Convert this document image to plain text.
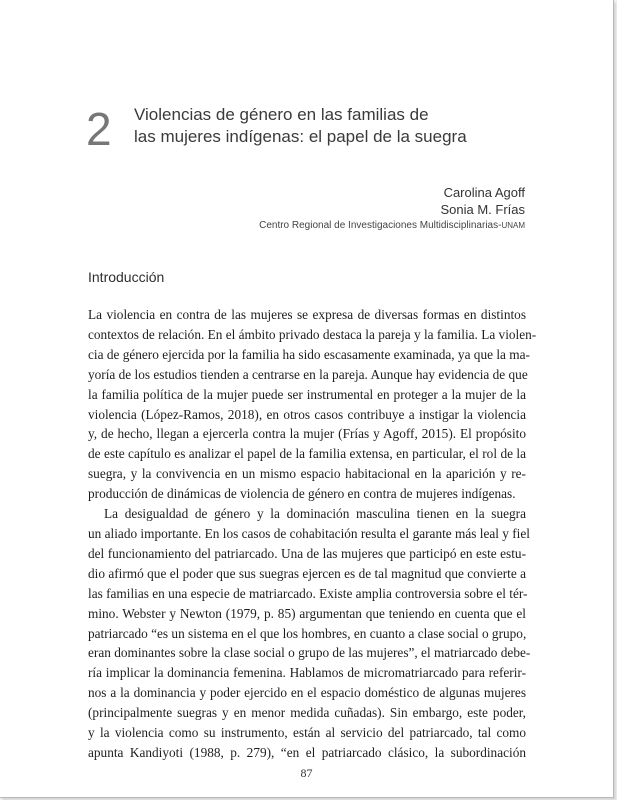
2 Violencias de género en las familias de
las mujeres indígenas: el papel de la suegra
Carolina Agoff
Sonia M. Frías
Centro Regional de Investigaciones Multidisciplinarias-UNAM
Introducción
La violencia en contra de las mujeres se expresa de diversas formas en distintos
contextos de relación. En el ámbito privado destaca la pareja y la familia. La violen-
cia de género ejercida por la familia ha sido escasamente examinada, ya que la ma-
yoría de los estudios tienden a centrarse en la pareja. Aunque hay evidencia de que
la familia política de la mujer puede ser instrumental en proteger a la mujer de la
violencia (López-Ramos, 2018), en otros casos contribuye a instigar la violencia
y, de hecho, llegan a ejercerla contra la mujer (Frías y Agoff, 2015). El propósito
de este capítulo es analizar el papel de la familia extensa, en particular, el rol de la
suegra, y la convivencia en un mismo espacio habitacional en la aparición y re-
producción de dinámicas de violencia de género en contra de mujeres indígenas.
La desigualdad de género y la dominación masculina tienen en la suegra
un aliado importante. En los casos de cohabitación resulta el garante más leal y fiel
del funcionamiento del patriarcado. Una de las mujeres que participó en este estu-
dio afirmó que el poder que sus suegras ejercen es de tal magnitud que convierte a
las familias en una especie de matriarcado. Existe amplia controversia sobre el tér-
mino. Webster y Newton (1979, p. 85) argumentan que teniendo en cuenta que el
patriarcado “es un sistema en el que los hombres, en cuanto a clase social o grupo,
eran dominantes sobre la clase social o grupo de las mujeres”, el matriarcado debe-
ría implicar la dominancia femenina. Hablamos de micromatriarcado para referir-
nos a la dominancia y poder ejercido en el espacio doméstico de algunas mujeres
(principalmente suegras y en menor medida cuñadas). Sin embargo, este poder,
y la violencia como su instrumento, están al servicio del patriarcado, tal como
apunta Kandiyoti (1988, p. 279), “en el patriarcado clásico, la subordinación
87
